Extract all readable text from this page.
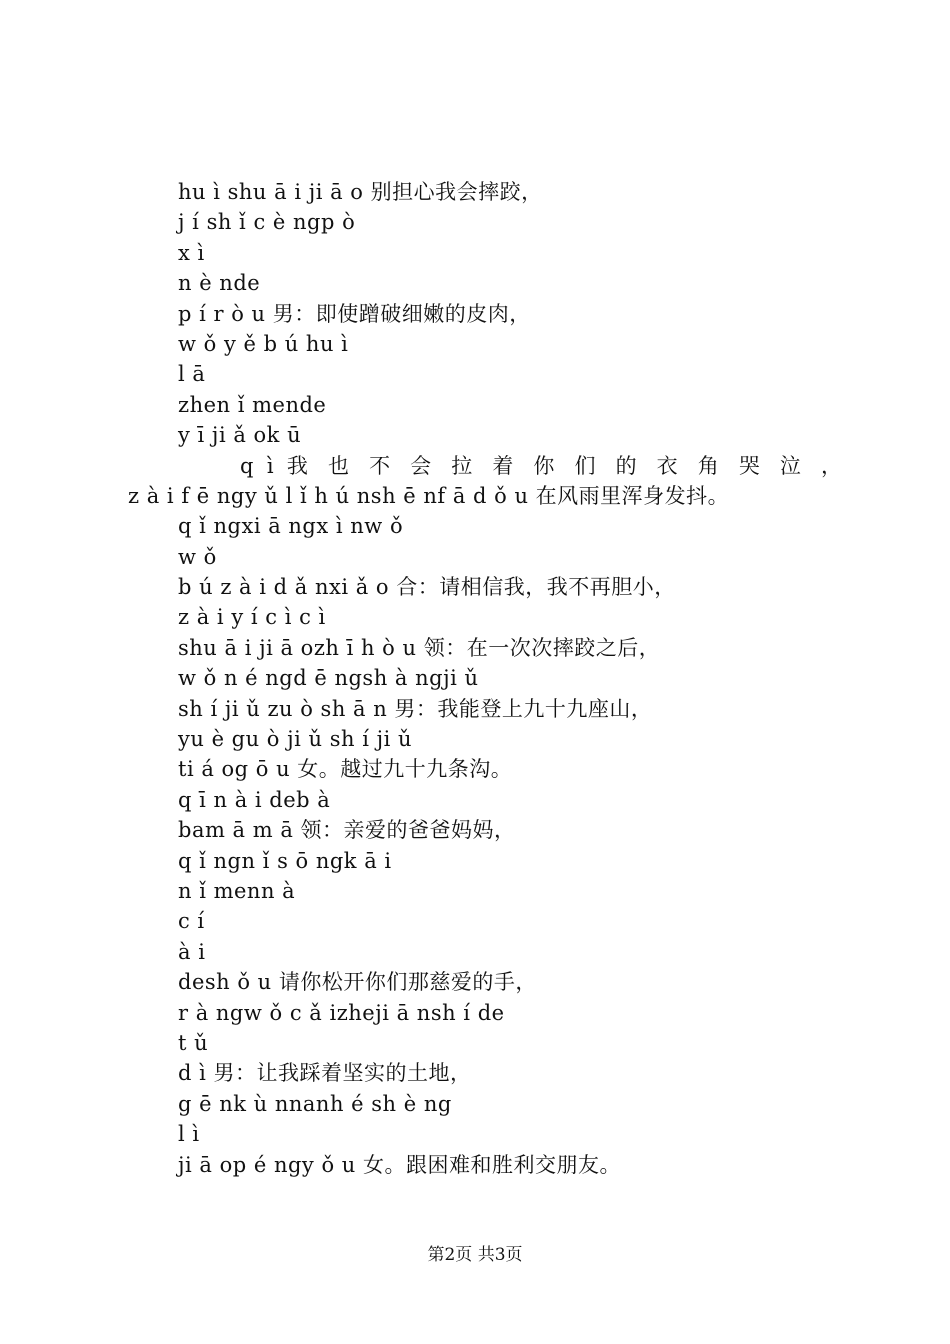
hu ì shu ā i ji ā o 别担心我会摔跤，
j í sh ǐ c è ngp ò
x ì
n è nde
p í r ò u 男：即使蹭破细嫩的皮肉，
w ǒ y ě b ú hu ì
l ā
zhen ǐ mende
y ī ji ǎ ok ū
q ì 我 也 不 会 拉 着 你 们 的 衣 角 哭 泣 ，
z à i f ē ngy ǔ l ǐ h ú nsh ē nf ā d ǒ u 在风雨里浑身发抖。
q ǐ ngxi ā ngx ì nw ǒ
w ǒ
b ú z à i d ǎ nxi ǎ o 合：请相信我，我不再胆小，
z à i y í c ì c ì
shu ā i ji ā ozh ī h ò u 领：在一次次摔跤之后，
w ǒ n é ngd ē ngsh à ngji ǔ
sh í ji ǔ zu ò sh ā n 男：我能登上九十九座山，
yu è gu ò ji ǔ sh í ji ǔ
ti á og ō u 女。越过九十九条沟。
q ī n à i deb à
bam ā m ā 领：亲爱的爸爸妈妈，
q ǐ ngn ǐ s ō ngk ā i
n ǐ menn à
c í
à i
desh ǒ u 请你松开你们那慈爱的手，
r à ngw ǒ c ǎ izheji ā nsh í de
t ǔ
d ì 男：让我踩着坚实的土地，
g ē nk ù nnanh é sh è ng
l ì
ji ā op é ngy ǒ u 女。跟困难和胜利交朋友。
第2页 共3页
